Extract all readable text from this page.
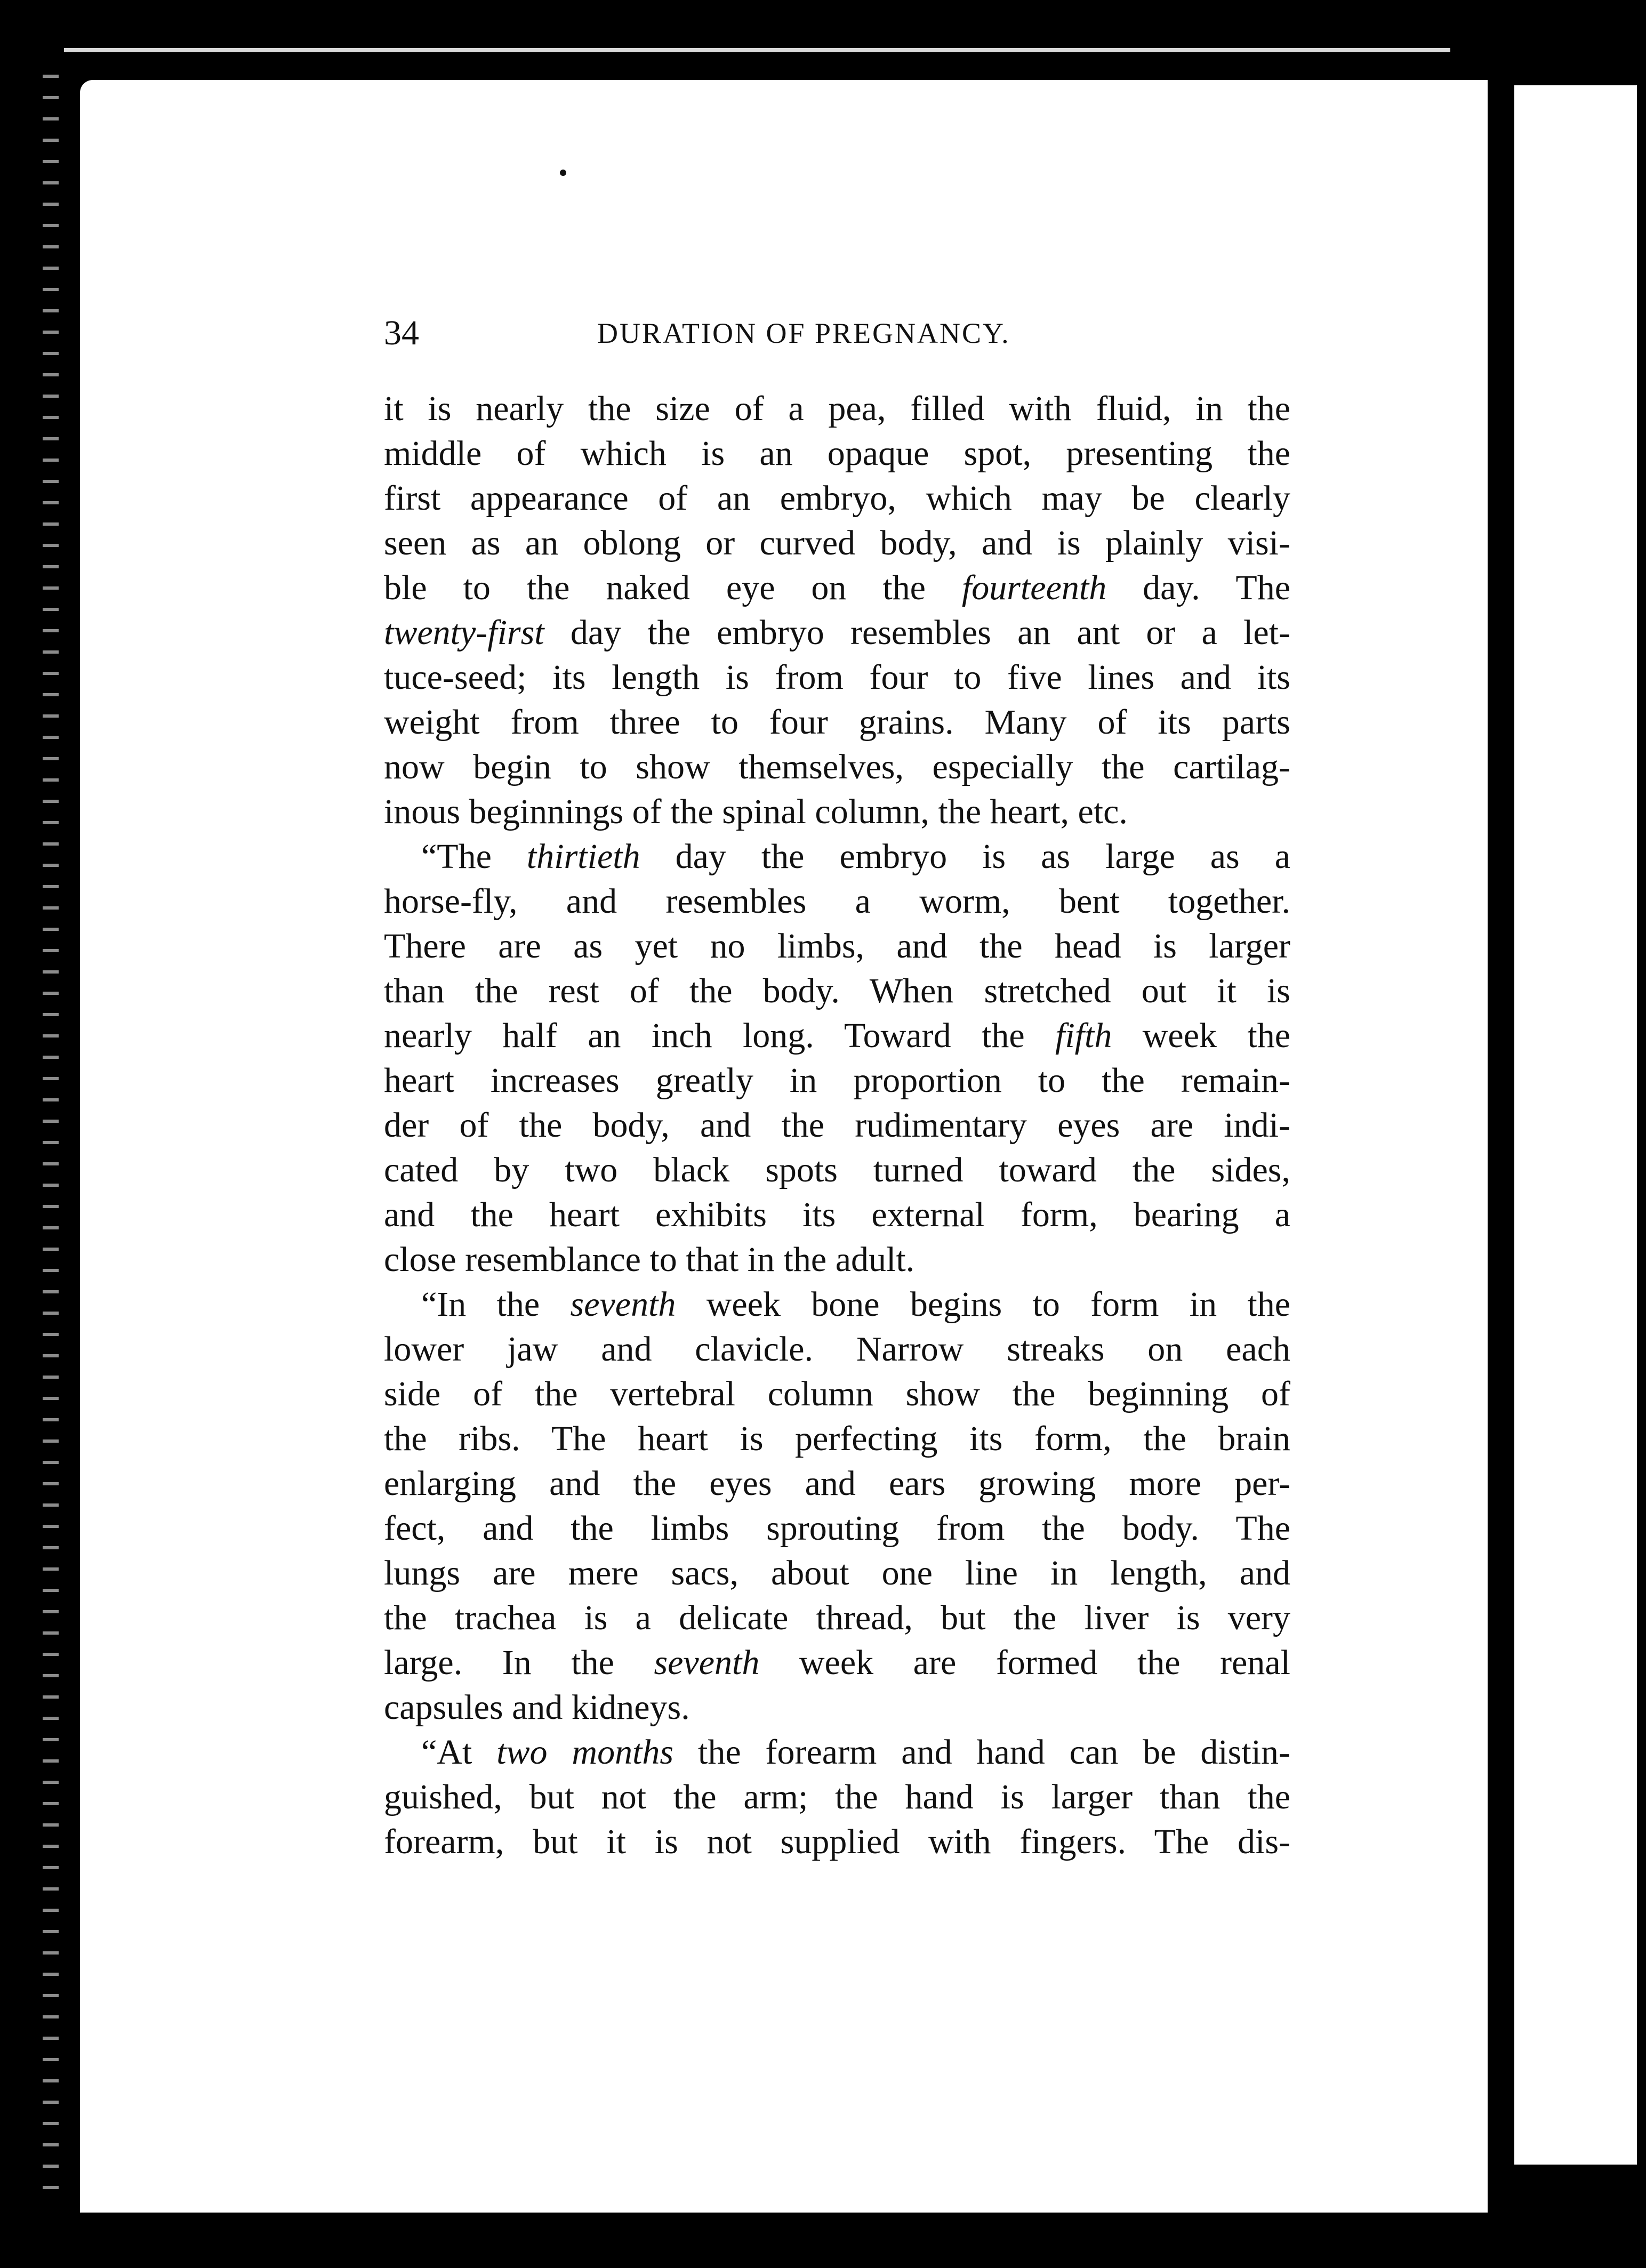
34	DURATION OF PREGNANCY.
it is nearly the size of a pea, filled with fluid, in the
middle of which is an opaque spot, presenting the
first appearance of an embryo, which may be clearly
seen as an oblong or curved body, and is plainly visi-
ble to the naked eye on the fourteenth day. The
twenty-first day the embryo resembles an ant or a let-
tuce-seed; its length is from four to five lines and its
weight from three to four grains. Many of its parts
now begin to show themselves, especially the cartilag-
inous beginnings of the spinal column, the heart, etc.
“The thirtieth day the embryo is as large as a
horse-fly, and resembles a worm, bent together.
There are as yet no limbs, and the head is larger
than the rest of the body. When stretched out it is
nearly half an inch long. Toward the fifth week the
heart increases greatly in proportion to the remain-
der of the body, and the rudimentary eyes are indi-
cated by two black spots turned toward the sides,
and the heart exhibits its external form, bearing a
close resemblance to that in the adult.
“In the seventh week bone begins to form in the
lower jaw and clavicle. Narrow streaks on each
side of the vertebral column show the beginning of
the ribs. The heart is perfecting its form, the brain
enlarging and the eyes and ears growing more per-
fect, and the limbs sprouting from the body. The
lungs are mere sacs, about one line in length, and
the trachea is a delicate thread, but the liver is very
large. In the seventh week are formed the renal
capsules and kidneys.
“At two months the forearm and hand can be distin-
guished, but not the arm; the hand is larger than the
forearm, but it is not supplied with fingers. The dis-
